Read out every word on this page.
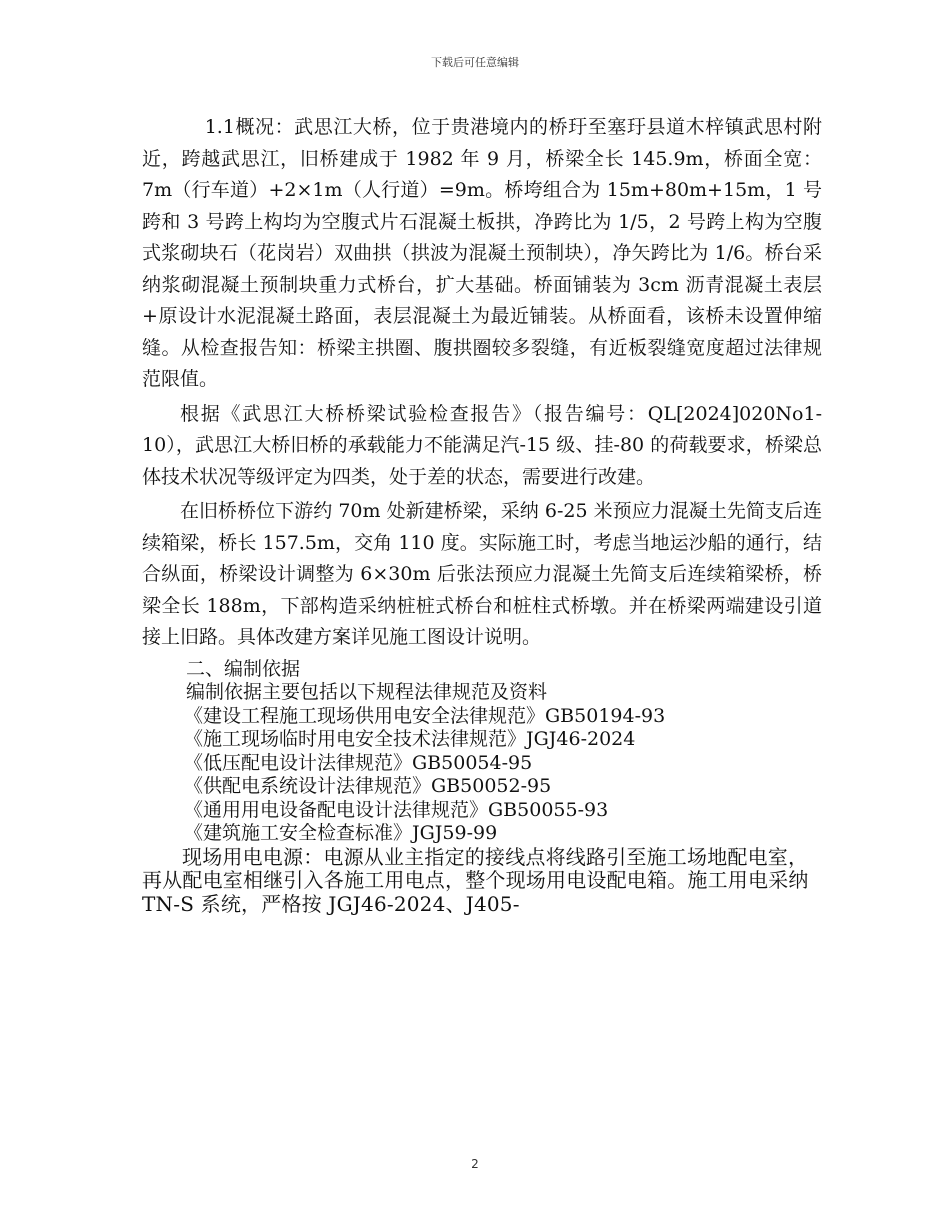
下载后可任意编辑

1.1概况：武思江大桥，位于贵港境内的桥玗至塞玗县道木梓镇武思村附近，跨越武思江，旧桥建成于 1982 年 9 月，桥梁全长 145.9m，桥面全宽：7m（行车道）+2×1m（人行道）=9m。桥垮组合为 15m+80m+15m，1 号跨和 3 号跨上构均为空腹式片石混凝土板拱，净跨比为 1/5，2 号跨上构为空腹式浆砌块石（花岗岩）双曲拱（拱波为混凝土预制块），净矢跨比为 1/6。桥台采纳浆砌混凝土预制块重力式桥台，扩大基础。桥面铺装为 3cm 沥青混凝土表层+原设计水泥混凝土路面，表层混凝土为最近铺装。从桥面看，该桥未设置伸缩缝。从检查报告知：桥梁主拱圈、腹拱圈较多裂缝，有近板裂缝宽度超过法律规范限值。

根据《武思江大桥桥梁试验检查报告》（报告编号：QL[2024]020No1-10），武思江大桥旧桥的承载能力不能满足汽-15 级、挂-80 的荷载要求，桥梁总体技术状况等级评定为四类，处于差的状态，需要进行改建。

在旧桥桥位下游约 70m 处新建桥梁，采纳 6-25 米预应力混凝土先简支后连续箱梁，桥长 157.5m，交角 110 度。实际施工时，考虑当地运沙船的通行，结合纵面，桥梁设计调整为 6×30m 后张法预应力混凝土先简支后连续箱梁桥，桥梁全长 188m，下部构造采纳桩桩式桥台和桩柱式桥墩。并在桥梁两端建设引道接上旧路。具体改建方案详见施工图设计说明。

二、编制依据

编制依据主要包括以下规程法律规范及资料

《建设工程施工现场供用电安全法律规范》GB50194-93

《施工现场临时用电安全技术法律规范》JGJ46-2024

《低压配电设计法律规范》GB50054-95

《供配电系统设计法律规范》GB50052-95

《通用用电设备配电设计法律规范》GB50055-93

《建筑施工安全检查标准》JGJ59-99

现场用电电源：电源从业主指定的接线点将线路引至施工场地配电室，再从配电室相继引入各施工用电点，整个现场用电设配电箱。施工用电采纳 TN-S 系统，严格按 JGJ46-2024、J405-

2
